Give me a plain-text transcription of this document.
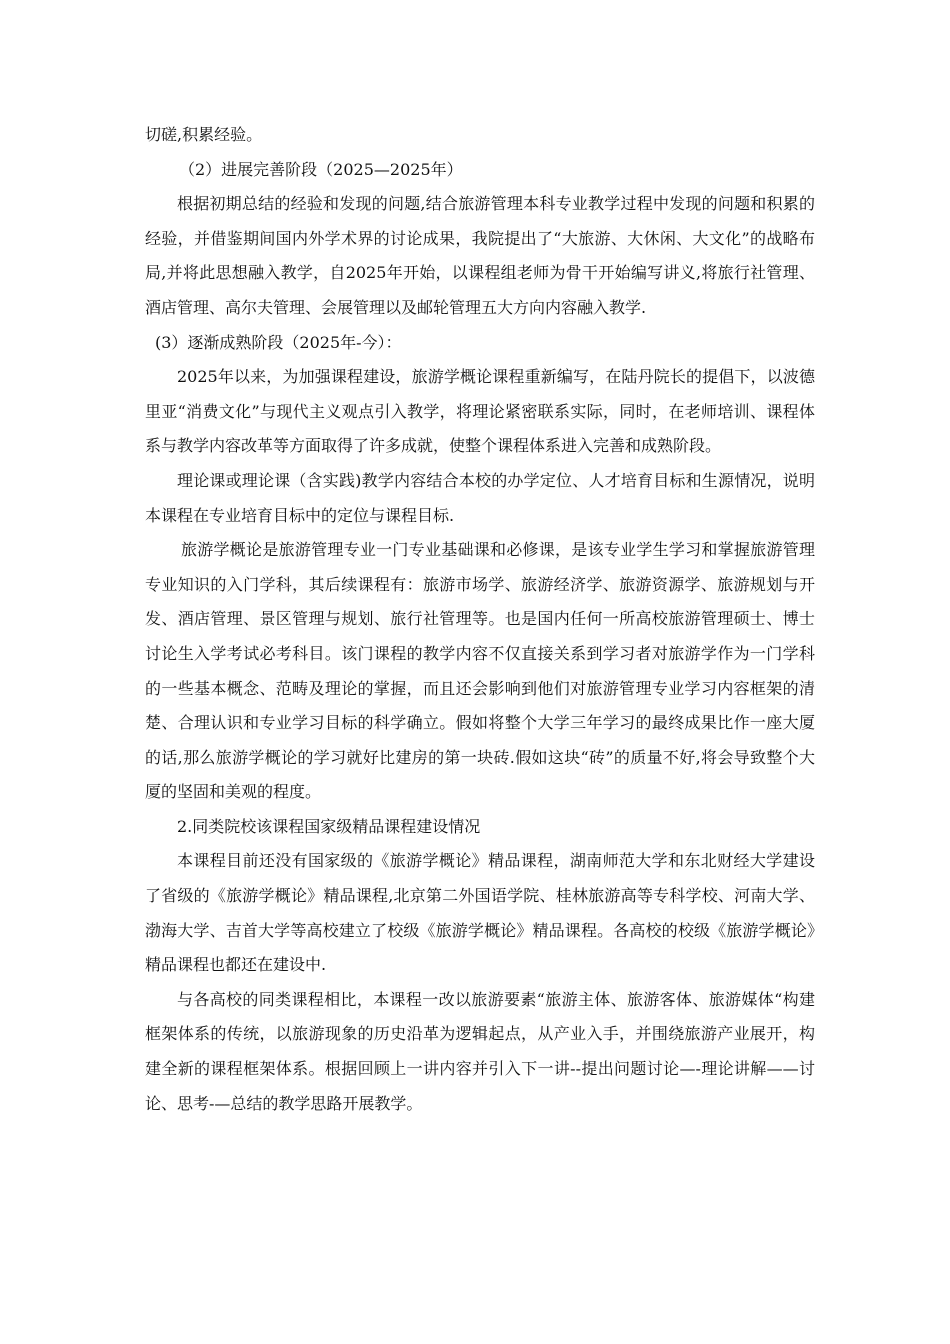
切磋,积累经验。

（2）进展完善阶段（2025—2025年）

根据初期总结的经验和发现的问题,结合旅游管理本科专业教学过程中发现的问题和积累的经验，并借鉴期间国内外学术界的讨论成果，我院提出了“大旅游、大休闲、大文化”的战略布局,并将此思想融入教学，自2025年开始，以课程组老师为骨干开始编写讲义,将旅行社管理、酒店管理、高尔夫管理、会展管理以及邮轮管理五大方向内容融入教学.

(3）逐渐成熟阶段（2025年-今）：

2025年以来，为加强课程建设，旅游学概论课程重新编写，在陆丹院长的提倡下，以波德里亚“消费文化”与现代主义观点引入教学，将理论紧密联系实际，同时，在老师培训、课程体系与教学内容改革等方面取得了许多成就，使整个课程体系进入完善和成熟阶段。

理论课或理论课（含实践)教学内容结合本校的办学定位、人才培育目标和生源情况，说明本课程在专业培育目标中的定位与课程目标.

旅游学概论是旅游管理专业一门专业基础课和必修课，是该专业学生学习和掌握旅游管理专业知识的入门学科，其后续课程有：旅游市场学、旅游经济学、旅游资源学、旅游规划与开发、酒店管理、景区管理与规划、旅行社管理等。也是国内任何一所高校旅游管理硕士、博士讨论生入学考试必考科目。该门课程的教学内容不仅直接关系到学习者对旅游学作为一门学科的一些基本概念、范畴及理论的掌握，而且还会影响到他们对旅游管理专业学习内容框架的清楚、合理认识和专业学习目标的科学确立。假如将整个大学三年学习的最终成果比作一座大厦的话,那么旅游学概论的学习就好比建房的第一块砖.假如这块“砖”的质量不好,将会导致整个大厦的坚固和美观的程度。

2.同类院校该课程国家级精品课程建设情况

本课程目前还没有国家级的《旅游学概论》精品课程，湖南师范大学和东北财经大学建设了省级的《旅游学概论》精品课程,北京第二外国语学院、桂林旅游高等专科学校、河南大学、渤海大学、吉首大学等高校建立了校级《旅游学概论》精品课程。各高校的校级《旅游学概论》精品课程也都还在建设中.

与各高校的同类课程相比，本课程一改以旅游要素“旅游主体、旅游客体、旅游媒体“构建框架体系的传统，以旅游现象的历史沿革为逻辑起点，从产业入手，并围绕旅游产业展开，构建全新的课程框架体系。根据回顾上一讲内容并引入下一讲--提出问题讨论—-理论讲解——讨论、思考-—总结的教学思路开展教学。
